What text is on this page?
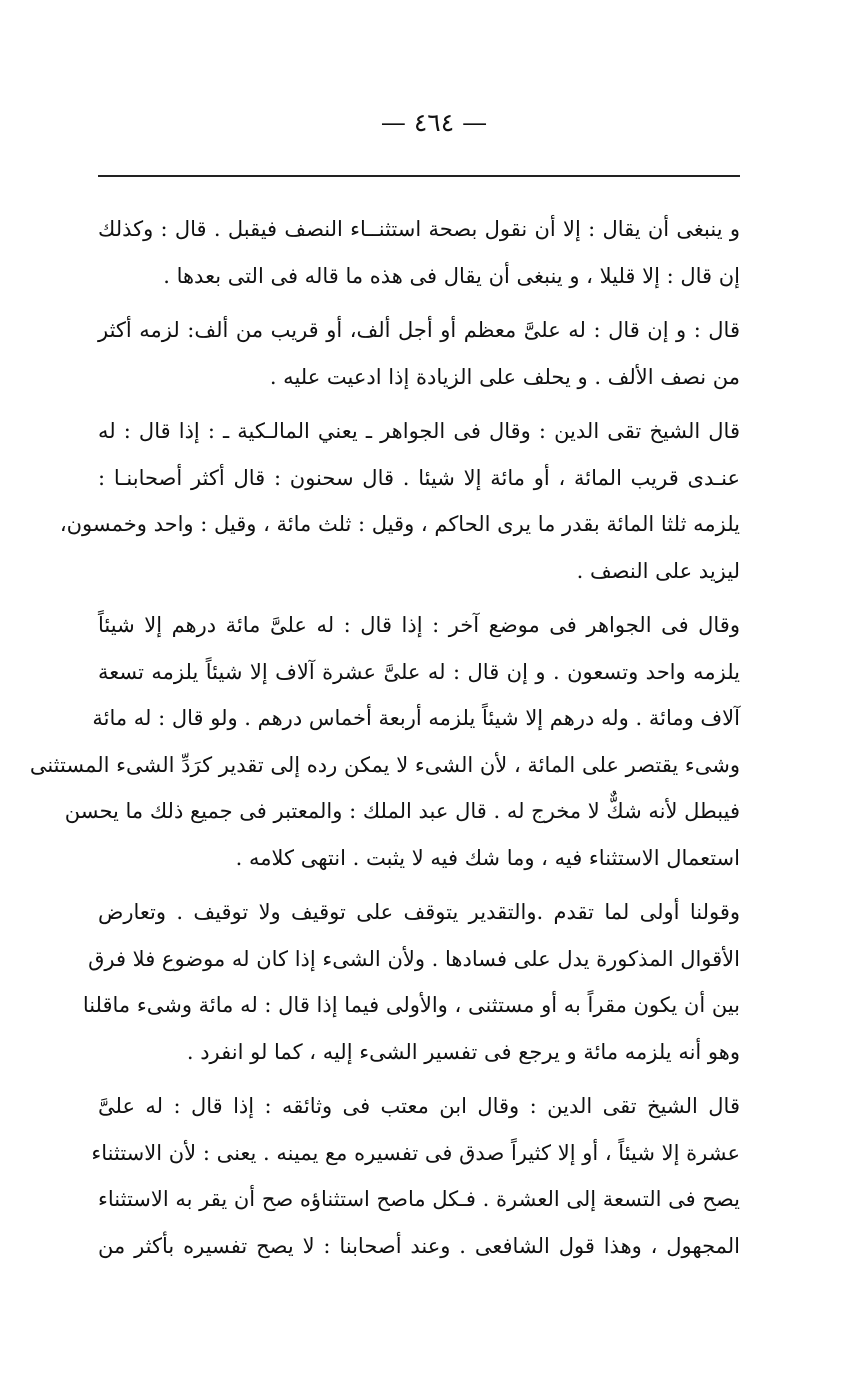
— ٤٦٤ —
و ينبغى أن يقال : إلا أن نقول بصحة استثنــاء النصف فيقبل . قال : وكذلك
إن قال : إلا قليلا ، و ينبغى أن يقال فى هذه ما قاله فى التى بعدها .
قال : و إن قال : له علىَّ معظم أو أجل ألف، أو قريب من ألف: لزمه أكثر
من نصف الألف . و يحلف على الزيادة إذا ادعيت عليه .
قال الشيخ تقى الدين : وقال فى الجواهر ـ يعني المالـكية ـ : إذا قال : له
عنـدى قريب المائة ، أو مائة إلا شيئا . قال سحنون : قال أكثر أصحابنـا :
يلزمه ثلثا المائة بقدر ما يرى الحاكم ، وقيل : ثلث مائة ، وقيل : واحد وخمسون،
ليزيد على النصف .
وقال فى الجواهر فى موضع آخر : إذا قال : له علىَّ مائة درهم إلا شيئاً
يلزمه واحد وتسعون . و إن قال : له علىَّ عشرة آلاف إلا شيئاً يلزمه تسعة
آلاف ومائة . وله درهم إلا شيئاً يلزمه أربعة أخماس درهم . ولو قال : له مائة
وشىء يقتصر على المائة ، لأن الشىء لا يمكن رده إلى تقدير كرَدِّ الشىء المستثنى
فيبطل لأنه شكٌّ لا مخرج له . قال عبد الملك : والمعتبر فى جميع ذلك ما يحسن
استعمال الاستثناء فيه ، وما شك فيه لا يثبت . انتهى كلامه .
وقولنا أولى لما تقدم .والتقدير يتوقف على توقيف ولا توقيف . وتعارض
الأقوال المذكورة يدل على فسادها . ولأن الشىء إذا كان له موضوع فلا فرق
بين أن يكون مقراً به أو مستثنى ، والأولى فيما إذا قال : له مائة وشىء ماقلنا
وهو أنه يلزمه مائة و يرجع فى تفسير الشىء إليه ، كما لو انفرد .
قال الشيخ تقى الدين : وقال ابن معتب فى وثائقه : إذا قال : له علىَّ
عشرة إلا شيئاً ، أو إلا كثيراً صدق فى تفسيره مع يمينه . يعنى : لأن الاستثناء
يصح فى التسعة إلى العشرة . فـكل ماصح استثناؤه صح أن يقر به الاستثناء
المجهول ، وهذا قول الشافعى . وعند أصحابنا : لا يصح تفسيره بأكثر من
